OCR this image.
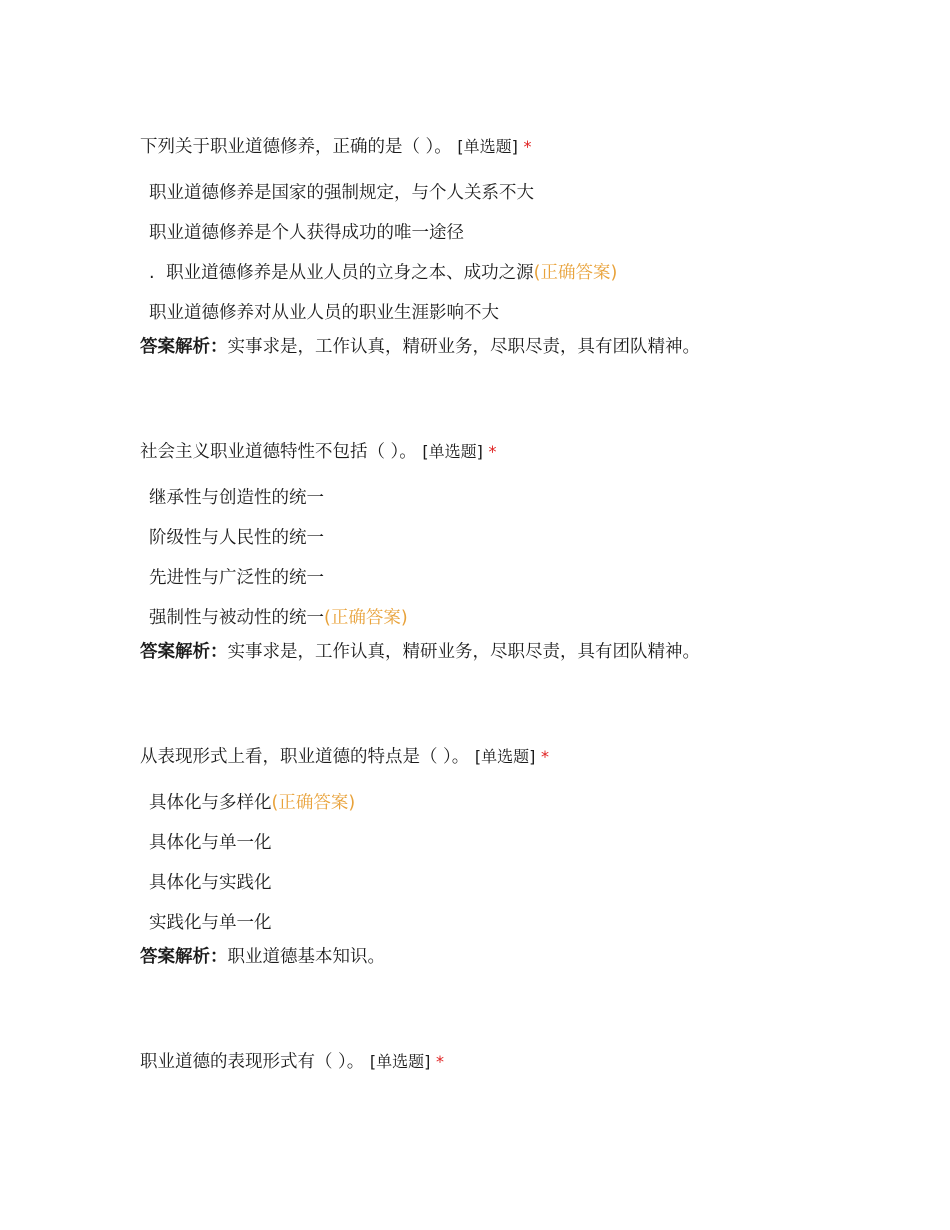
下列关于职业道德修养，正确的是（ ）。 [单选题] *
职业道德修养是国家的强制规定，与个人关系不大
职业道德修养是个人获得成功的唯一途径
. 职业道德修养是从业人员的立身之本、成功之源(正确答案)
职业道德修养对从业人员的职业生涯影响不大
答案解析：实事求是，工作认真，精研业务，尽职尽责，具有团队精神。
社会主义职业道德特性不包括（ ）。 [单选题] *
继承性与创造性的统一
阶级性与人民性的统一
先进性与广泛性的统一
强制性与被动性的统一(正确答案)
答案解析：实事求是，工作认真，精研业务，尽职尽责，具有团队精神。
从表现形式上看，职业道德的特点是（ ）。 [单选题] *
具体化与多样化(正确答案)
具体化与单一化
具体化与实践化
实践化与单一化
答案解析：职业道德基本知识。
职业道德的表现形式有（ ）。 [单选题] *
